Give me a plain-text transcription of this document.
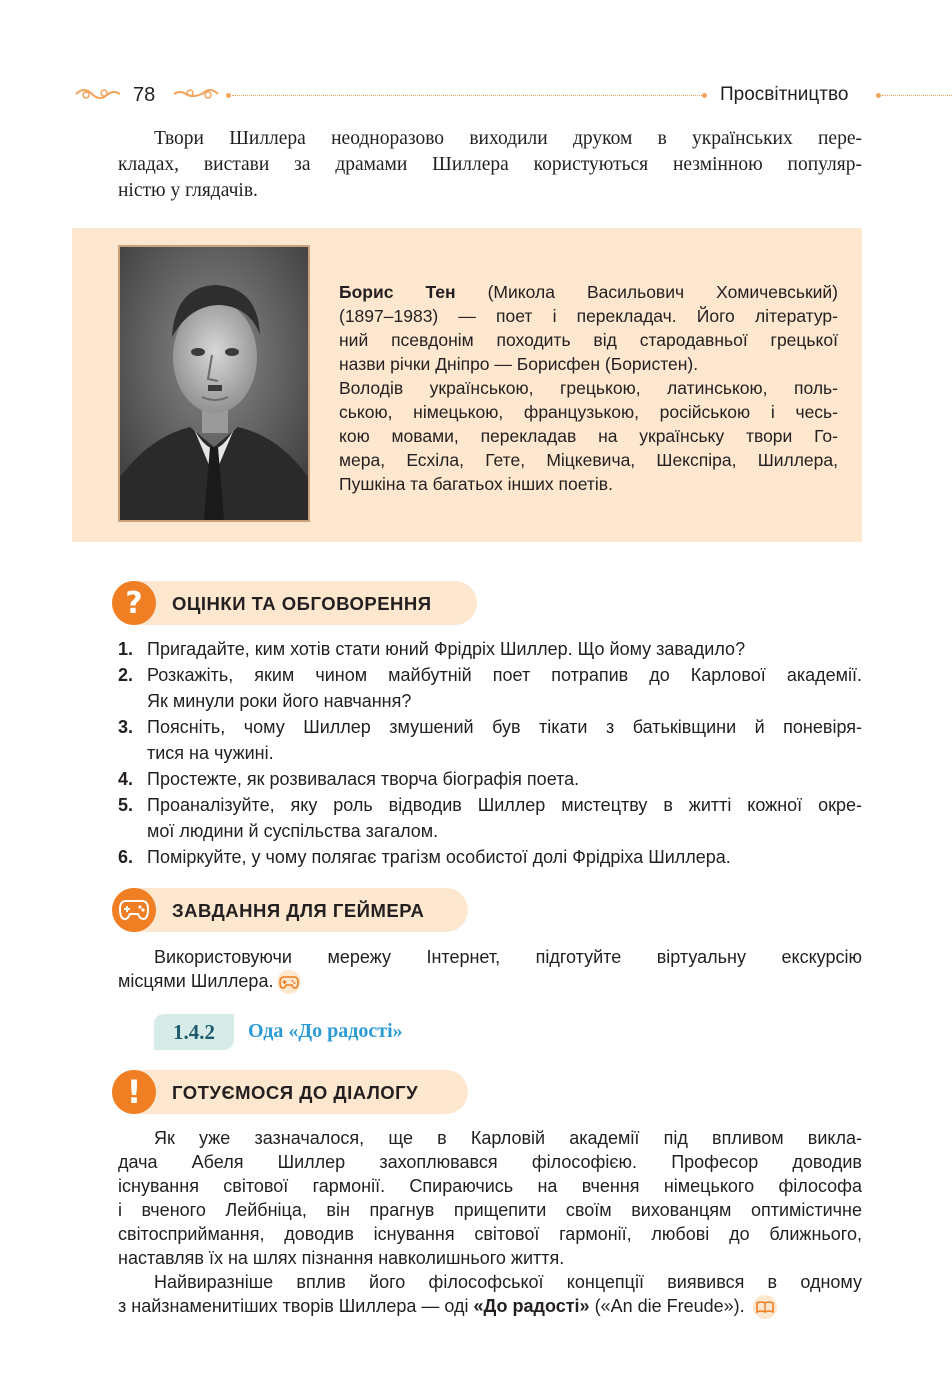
78	Просвітництво
Твори Шиллера неодноразово виходили друком в українських пере-
кладах, вистави за драмами Шиллера користуються незмінною популяр-
ністю у глядачів.
Борис Тен (Микола Васильович Хомичевський)
(1897–1983) — поет і перекладач. Його літератур-
ний псевдонім походить від стародавньої грецької
назви річки Дніпро — Борисфен (Бористен).
Володів українською, грецькою, латинською, поль-
ською, німецькою, французькою, російською і чесь-
кою мовами, перекладав на українську твори Го-
мера, Есхіла, Гете, Міцкевича, Шекспіра, Шиллера,
Пушкіна та багатьох інших поетів.
?	ОЦІНКИ ТА ОБГОВОРЕННЯ
1. Пригадайте, ким хотів стати юний Фрідріх Шиллер. Що йому завадило?
2. Розкажіть, яким чином майбутній поет потрапив до Карлової академії.
Як минули роки його навчання?
3. Поясніть, чому Шиллер змушений був тікати з батьківщини й поневіря-
тися на чужині.
4. Простежте, як розвивалася творча біографія поета.
5. Проаналізуйте, яку роль відводив Шиллер мистецтву в житті кожної окре-
мої людини й суспільства загалом.
6. Поміркуйте, у чому полягає трагізм особистої долі Фрідріха Шиллера.
ЗАВДАННЯ ДЛЯ ГЕЙМЕРА
Використовуючи мережу Інтернет, підготуйте віртуальну екскурсію
місцями Шиллера.
1.4.2	Ода «До радості»
!	ГОТУЄМОСЯ ДО ДІАЛОГУ
Як уже зазначалося, ще в Карловій академії під впливом викла-
дача Абеля Шиллер захоплювався філософією. Професор доводив
існування світової гармонії. Спираючись на вчення німецького філософа
і вченого Лейбніца, він прагнув прищепити своїм вихованцям оптимістичне
світосприймання, доводив існування світової гармонії, любові до ближнього,
наставляв їх на шлях пізнання навколишнього життя.
Найвиразніше вплив його філософської концепції виявився в одному
з найзнаменитіших творів Шиллера — оді «До радості» («An die Freude»).
